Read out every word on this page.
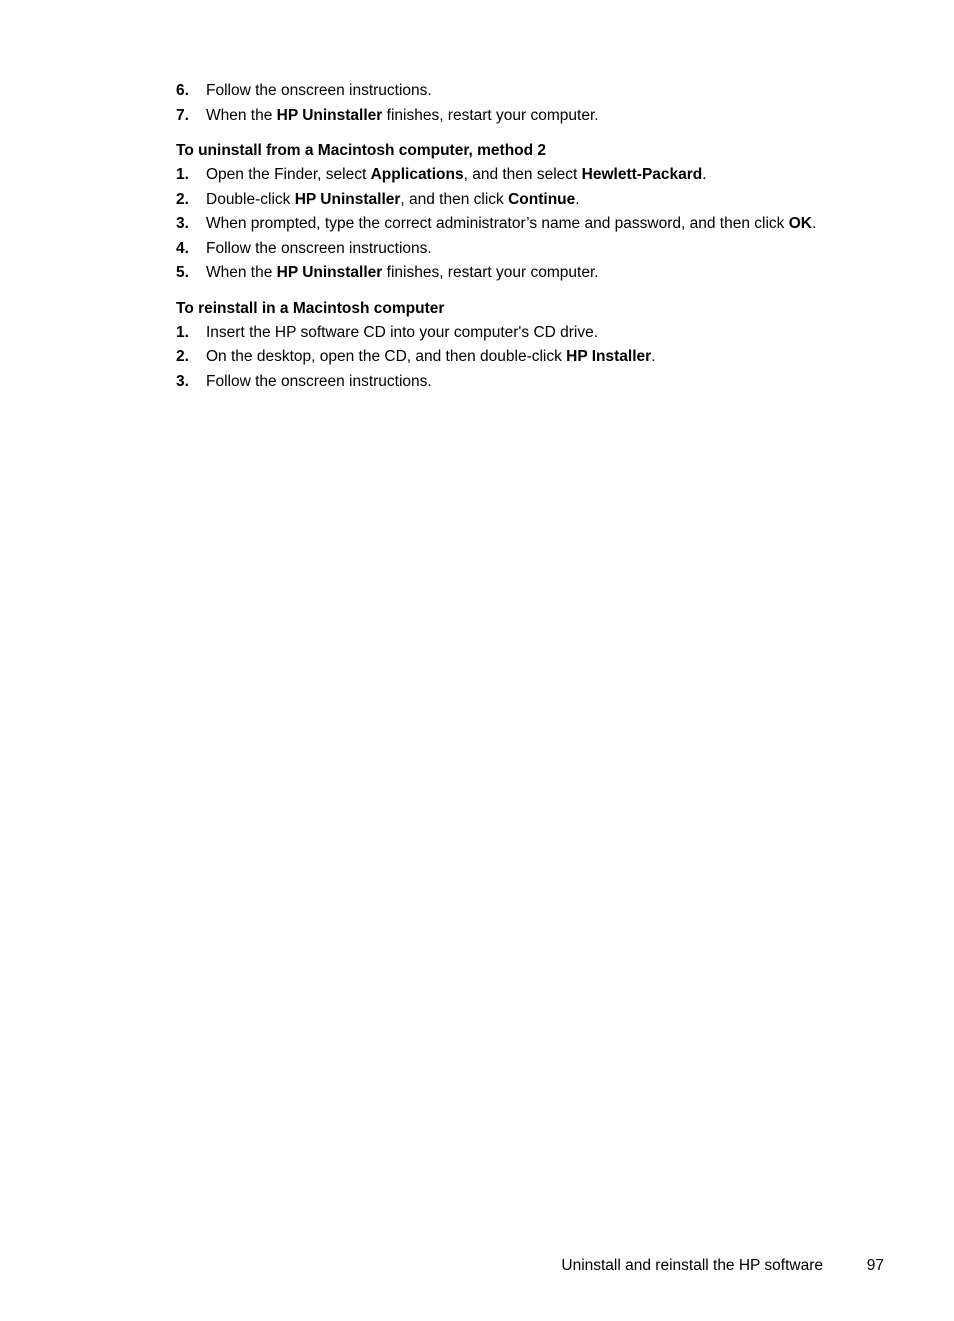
6. Follow the onscreen instructions.
7. When the HP Uninstaller finishes, restart your computer.
To uninstall from a Macintosh computer, method 2
1. Open the Finder, select Applications, and then select Hewlett-Packard.
2. Double-click HP Uninstaller, and then click Continue.
3. When prompted, type the correct administrator’s name and password, and then click OK.
4. Follow the onscreen instructions.
5. When the HP Uninstaller finishes, restart your computer.
To reinstall in a Macintosh computer
1. Insert the HP software CD into your computer's CD drive.
2. On the desktop, open the CD, and then double-click HP Installer.
3. Follow the onscreen instructions.
Uninstall and reinstall the HP software	97
